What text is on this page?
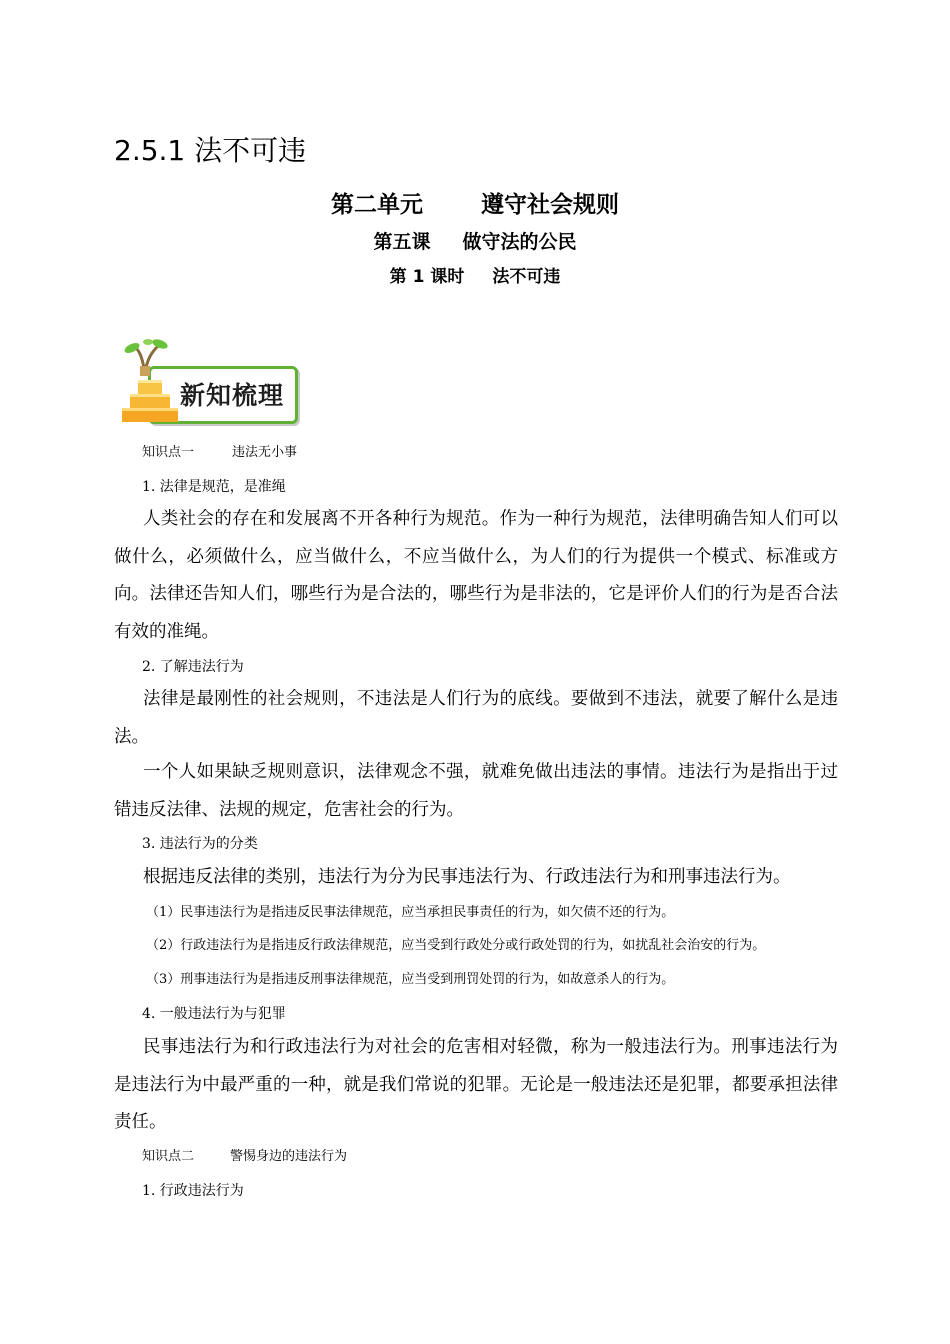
2.5.1 法不可违
第二单元	遵守社会规则
第五课 做守法的公民
第 1 课时 法不可违
新知梳理
知识点一	违法无小事
1. 法律是规范，是准绳
人类社会的存在和发展离不开各种行为规范。作为一种行为规范，法律明确告知人们可以做什么，必须做什么，应当做什么，不应当做什么，为人们的行为提供一个模式、标准或方向。法律还告知人们，哪些行为是合法的，哪些行为是非法的，它是评价人们的行为是否合法有效的准绳。
2. 了解违法行为
法律是最刚性的社会规则，不违法是人们行为的底线。要做到不违法，就要了解什么是违法。
一个人如果缺乏规则意识，法律观念不强，就难免做出违法的事情。违法行为是指出于过错违反法律、法规的规定，危害社会的行为。
3. 违法行为的分类
根据违反法律的类别，违法行为分为民事违法行为、行政违法行为和刑事违法行为。
（1）民事违法行为是指违反民事法律规范，应当承担民事责任的行为，如欠债不还的行为。
（2）行政违法行为是指违反行政法律规范，应当受到行政处分或行政处罚的行为，如扰乱社会治安的行为。
（3）刑事违法行为是指违反刑事法律规范，应当受到刑罚处罚的行为，如故意杀人的行为。
4. 一般违法行为与犯罪
民事违法行为和行政违法行为对社会的危害相对轻微，称为一般违法行为。刑事违法行为是违法行为中最严重的一种，就是我们常说的犯罪。无论是一般违法还是犯罪，都要承担法律责任。
知识点二	警惕身边的违法行为
1. 行政违法行为
